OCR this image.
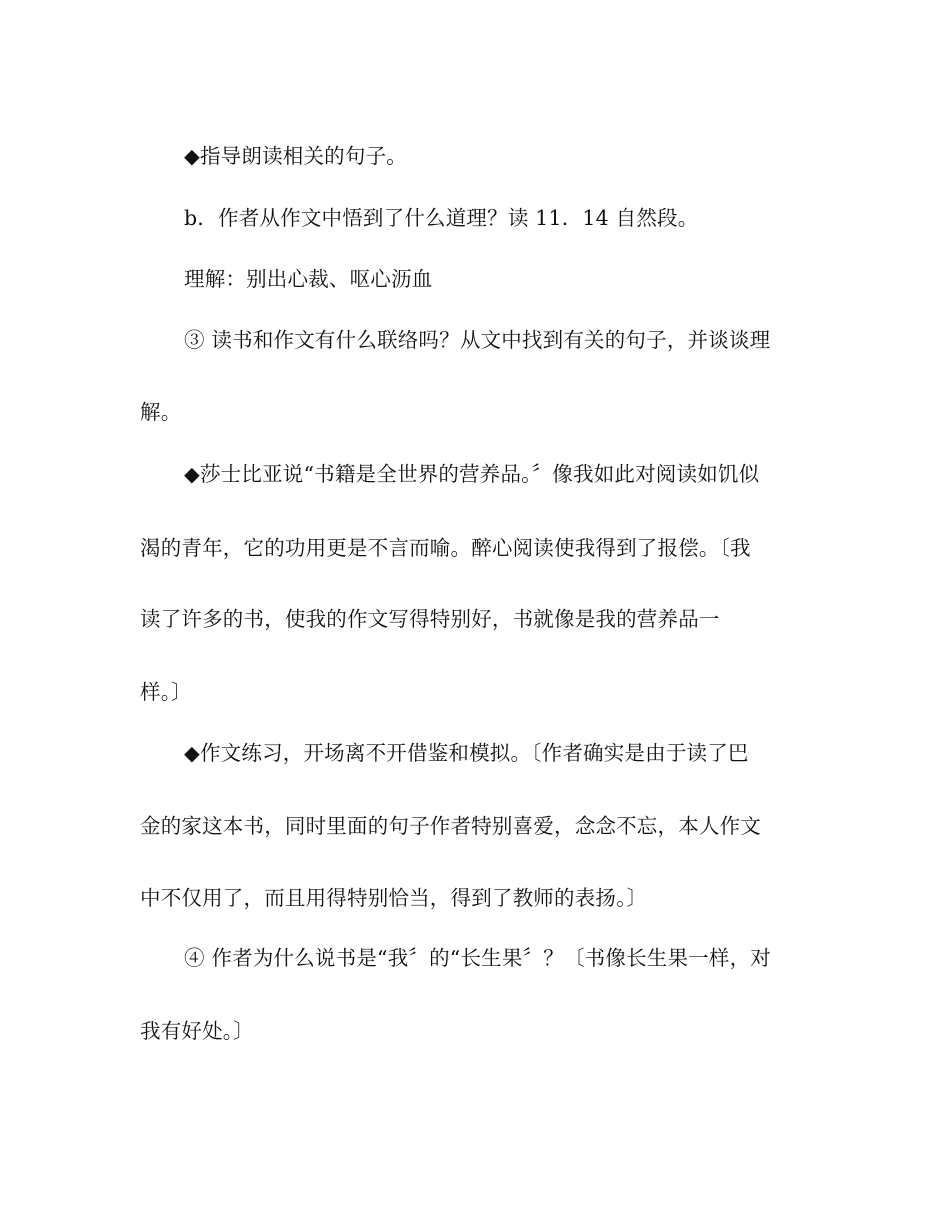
◆指导朗读相关的句子。
b．作者从作文中悟到了什么道理？读 11．14 自然段。
理解：别出心裁、呕心沥血
③ 读书和作文有什么联络吗？从文中找到有关的句子，并谈谈理
解。
◆莎士比亚说“书籍是全世界的营养品。〞像我如此对阅读如饥似
渴的青年，它的功用更是不言而喻。醉心阅读使我得到了报偿。〔我
读了许多的书，使我的作文写得特别好，书就像是我的营养品一
样。〕
◆作文练习，开场离不开借鉴和模拟。〔作者确实是由于读了巴
金的家这本书，同时里面的句子作者特别喜爱，念念不忘，本人作文
中不仅用了，而且用得特别恰当，得到了教师的表扬。〕
④ 作者为什么说书是“我〞的“长生果〞？〔书像长生果一样，对
我有好处。〕
